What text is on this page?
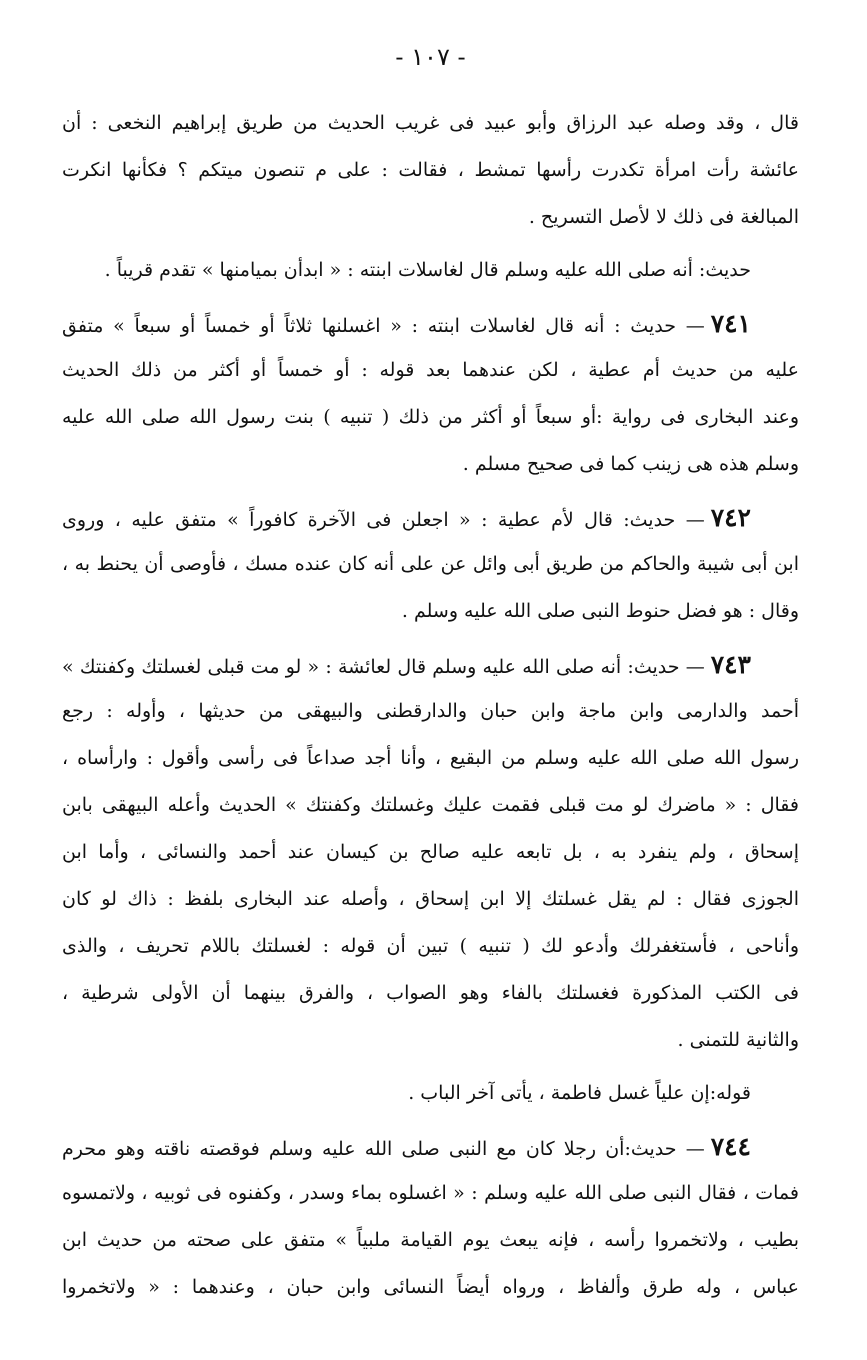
- ١٠٧ -
قال ، وقد وصله عبد الرزاق وأبو عبيد فى غريب الحديث من طريق إبراهيم النخعى : أن
عائشة رأت امرأة تكدرت رأسها تمشط ، فقالت : على م تنصون ميتكم ؟ فكأنها انكرت
المبالغة فى ذلك لا لأصل التسريح .
حديث: أنه صلى الله عليه وسلم قال لغاسلات ابنته : « ابدأن بميامنها » تقدم قريباً .
٧٤١— حديث : أنه قال لغاسلات ابنته : « اغسلنها ثلاثاً أو خمساً أو سبعاً » متفق
عليه من حديث أم عطية ، لكن عندهما بعد قوله : أو خمساً أو أكثر من ذلك الحديث
وعند البخارى فى رواية :أو سبعاً أو أكثر من ذلك ( تنبيه ) بنت رسول الله صلى الله عليه
وسلم هذه هى زينب كما فى صحيح مسلم .
٧٤٢— حديث: قال لأم عطية : « اجعلن فى الآخرة كافوراً » متفق عليه ، وروى
ابن أبى شيبة والحاكم من طريق أبى وائل عن على أنه كان عنده مسك ، فأوصى أن يحنط به ،
وقال : هو فضل حنوط النبى صلى الله عليه وسلم .
٧٤٣— حديث: أنه صلى الله عليه وسلم قال لعائشة : « لو مت قبلى لغسلتك وكفنتك »
أحمد والدارمى وابن ماجة وابن حبان والدارقطنى والبيهقى من حديثها ، وأوله : رجع
رسول الله صلى الله عليه وسلم من البقيع ، وأنا أجد صداعاً فى رأسى وأقول : وارأساه ،
فقال : « ماضرك لو مت قبلى فقمت عليك وغسلتك وكفنتك » الحديث وأعله البيهقى بابن
إسحاق ، ولم ينفرد به ، بل تابعه عليه صالح بن كيسان عند أحمد والنسائى ، وأما ابن
الجوزى فقال : لم يقل غسلتك إلا ابن إسحاق ، وأصله عند البخارى بلفظ : ذاك لو كان
وأناحى ، فأستغفرلك وأدعو لك ( تنبيه ) تبين أن قوله : لغسلتك باللام تحريف ، والذى
فى الكتب المذكورة فغسلتك بالفاء وهو الصواب ، والفرق بينهما أن الأولى شرطية ،
والثانية للتمنى .
قوله:إن علياً غسل فاطمة ، يأتى آخر الباب .
٧٤٤— حديث:أن رجلا كان مع النبى صلى الله عليه وسلم فوقصته ناقته وهو محرم
فمات ، فقال النبى صلى الله عليه وسلم : « اغسلوه بماء وسدر ، وكفنوه فى ثوبيه ، ولاتمسوه
بطيب ، ولاتخمروا رأسه ، فإنه يبعث يوم القيامة ملبياً » متفق على صحته من حديث ابن
عباس ، وله طرق وألفاظ ، ورواه أيضاً النسائى وابن حبان ، وعندهما : « ولاتخمروا
